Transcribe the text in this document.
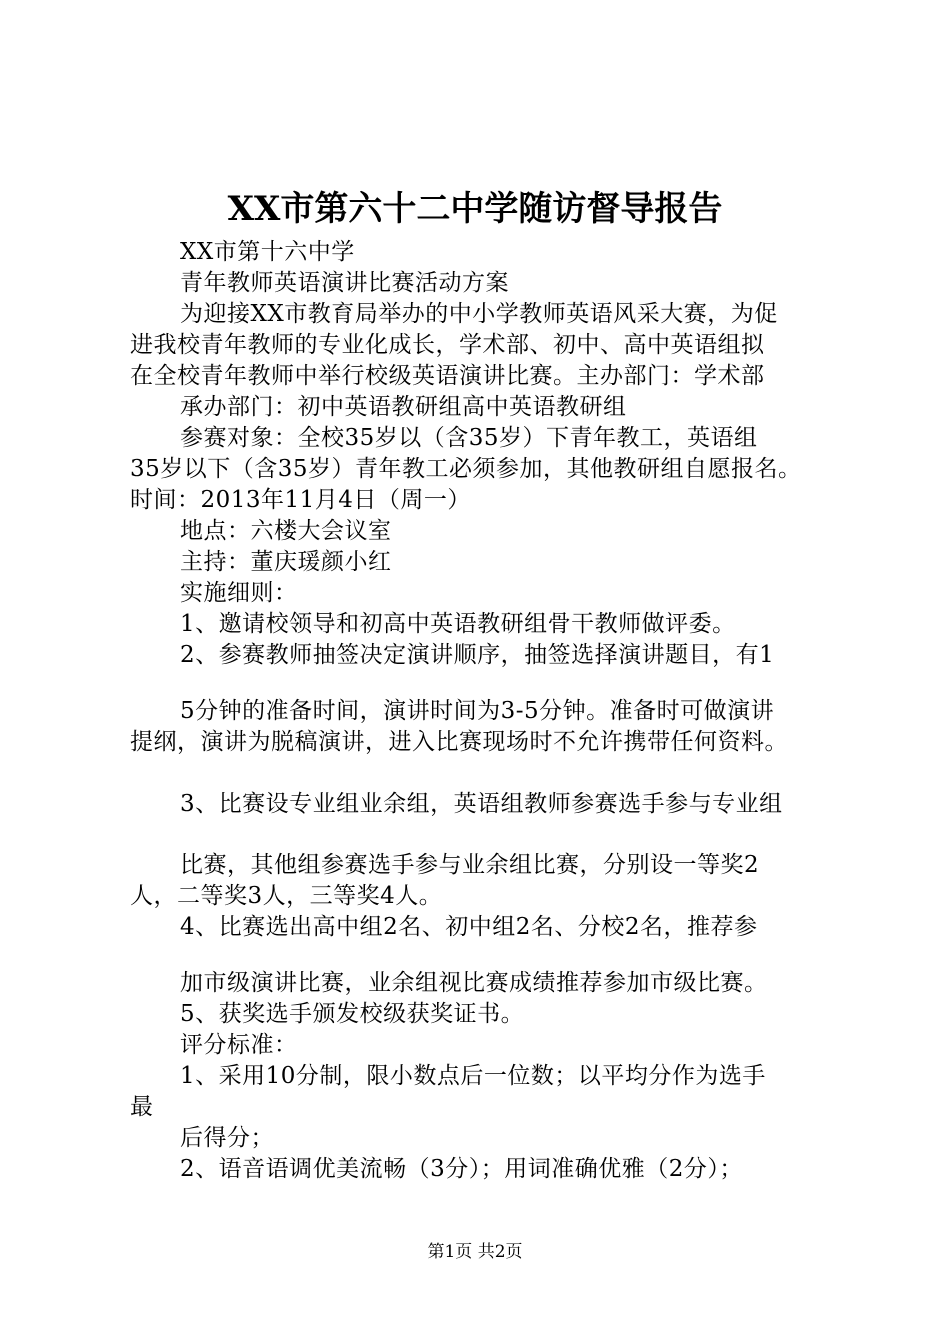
XX市第六十二中学随访督导报告
XX市第十六中学
青年教师英语演讲比赛活动方案
为迎接XX市教育局举办的中小学教师英语风采大赛，为促
进我校青年教师的专业化成长，学术部、初中、高中英语组拟
在全校青年教师中举行校级英语演讲比赛。主办部门：学术部
承办部门：初中英语教研组高中英语教研组
参赛对象：全校35岁以（含35岁）下青年教工，英语组
35岁以下（含35岁）青年教工必须参加，其他教研组自愿报名。
时间：2013年11月4日（周一）
地点：六楼大会议室
主持：董庆瑗颜小红
实施细则：
1、邀请校领导和初高中英语教研组骨干教师做评委。
2、参赛教师抽签决定演讲顺序，抽签选择演讲题目，有1
5分钟的准备时间，演讲时间为3-5分钟。准备时可做演讲
提纲，演讲为脱稿演讲，进入比赛现场时不允许携带任何资料。
3、比赛设专业组业余组，英语组教师参赛选手参与专业组
比赛，其他组参赛选手参与业余组比赛，分别设一等奖2
人，二等奖3人，三等奖4人。
4、比赛选出高中组2名、初中组2名、分校2名，推荐参
加市级演讲比赛，业余组视比赛成绩推荐参加市级比赛。
5、获奖选手颁发校级获奖证书。
评分标准：
1、采用10分制，限小数点后一位数；以平均分作为选手
最
后得分；
2、语音语调优美流畅（3分）；用词准确优雅（2分）；
第1页 共2页
